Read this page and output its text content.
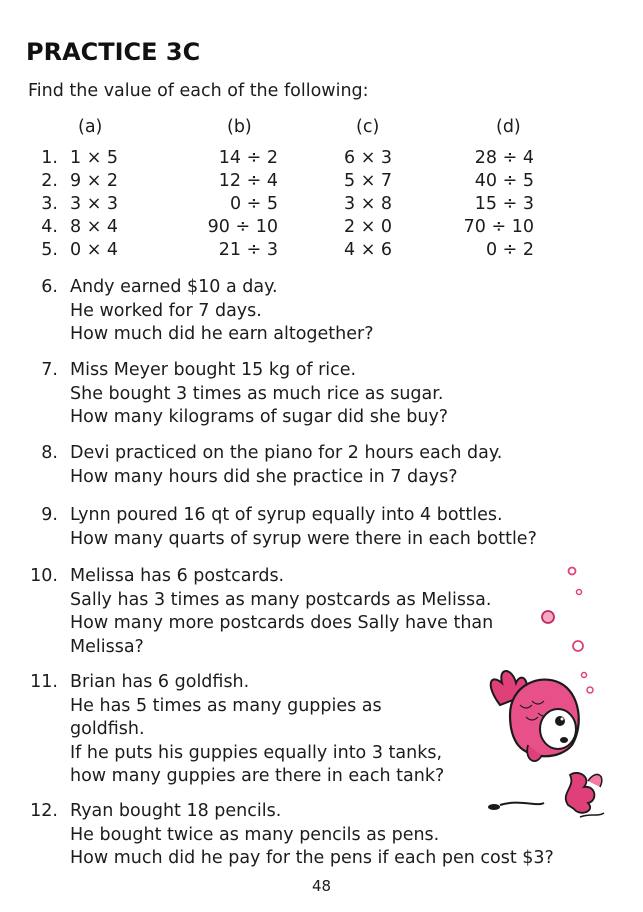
PRACTICE 3C
Find the value of each of the following:
(a)	(b)	(c)	(d)
1. 1 × 5	14 ÷ 2	6 × 3	28 ÷ 4
2. 9 × 2	12 ÷ 4	5 × 7	40 ÷ 5
3. 3 × 3	0 ÷ 5	3 × 8	15 ÷ 3
4. 8 × 4	90 ÷ 10	2 × 0	70 ÷ 10
5. 0 × 4	21 ÷ 3	4 × 6	0 ÷ 2
6. Andy earned $10 a day.
He worked for 7 days.
How much did he earn altogether?
7. Miss Meyer bought 15 kg of rice.
She bought 3 times as much rice as sugar.
How many kilograms of sugar did she buy?
8. Devi practiced on the piano for 2 hours each day.
How many hours did she practice in 7 days?
9. Lynn poured 16 qt of syrup equally into 4 bottles.
How many quarts of syrup were there in each bottle?
10. Melissa has 6 postcards.
Sally has 3 times as many postcards as Melissa.
How many more postcards does Sally have than
Melissa?
11. Brian has 6 goldfish.
He has 5 times as many guppies as
goldfish.
If he puts his guppies equally into 3 tanks,
how many guppies are there in each tank?
12. Ryan bought 18 pencils.
He bought twice as many pencils as pens.
How much did he pay for the pens if each pen cost $3?
48
